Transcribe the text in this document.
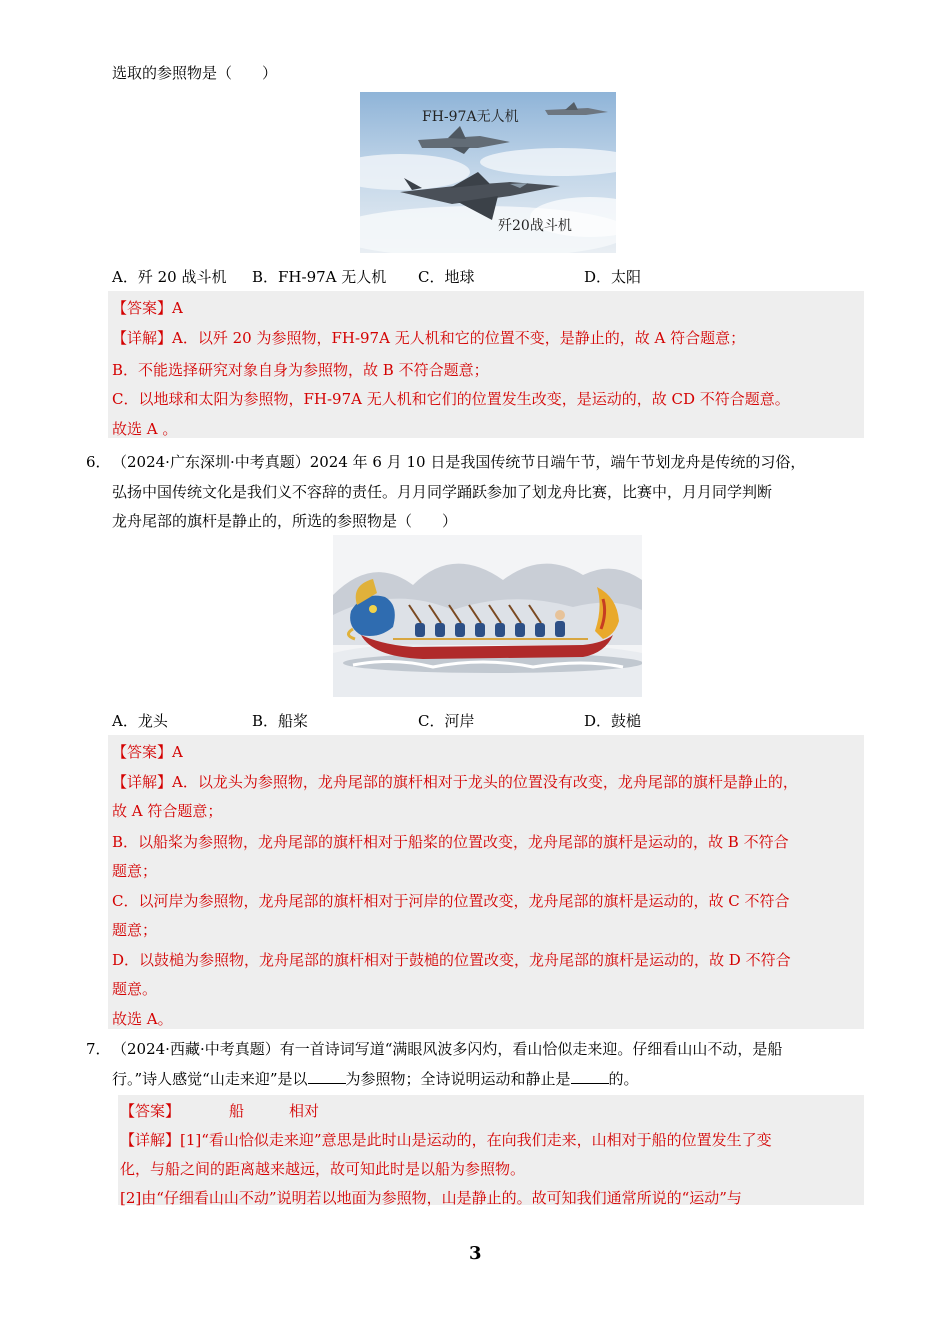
选取的参照物是（　　）
FH-97A无人机
歼20战斗机
A．歼 20 战斗机 B．FH-97A 无人机 C．地球	D．太阳
【答案】A
【详解】A．以歼 20 为参照物，FH-97A 无人机和它的位置不变，是静止的，故 A 符合题意；
B．不能选择研究对象自身为参照物，故 B 不符合题意；
C．以地球和太阳为参照物，FH-97A 无人机和它们的位置发生改变，是运动的，故 CD 不符合题意。
故选 A 。
6． （2024·广东深圳·中考真题）2024 年 6 月 10 日是我国传统节日端午节，端午节划龙舟是传统的习俗，
弘扬中国传统文化是我们义不容辞的责任。月月同学踊跃参加了划龙舟比赛，比赛中，月月同学判断
龙舟尾部的旗杆是静止的，所选的参照物是（　　）
A．龙头	B．船桨	C．河岸	D．鼓槌
【答案】A
【详解】A．以龙头为参照物，龙舟尾部的旗杆相对于龙头的位置没有改变，龙舟尾部的旗杆是静止的，
故 A 符合题意；
B．以船桨为参照物，龙舟尾部的旗杆相对于船桨的位置改变，龙舟尾部的旗杆是运动的，故 B 不符合
题意；
C．以河岸为参照物，龙舟尾部的旗杆相对于河岸的位置改变，龙舟尾部的旗杆是运动的，故 C 不符合
题意；
D．以鼓槌为参照物，龙舟尾部的旗杆相对于鼓槌的位置改变，龙舟尾部的旗杆是运动的，故 D 不符合
题意。
故选 A。
7． （2024·西藏·中考真题）有一首诗词写道“满眼风波多闪灼，看山恰似走来迎。仔细看山山不动，是船
行。”诗人感觉“山走来迎”是以	为参照物；全诗说明运动和静止是	的。
【答案】	船	相对
【详解】[1]“看山恰似走来迎”意思是此时山是运动的，在向我们走来，山相对于船的位置发生了变
化，与船之间的距离越来越远，故可知此时是以船为参照物。
[2]由“仔细看山山不动”说明若以地面为参照物，山是静止的。故可知我们通常所说的“运动”与
3
